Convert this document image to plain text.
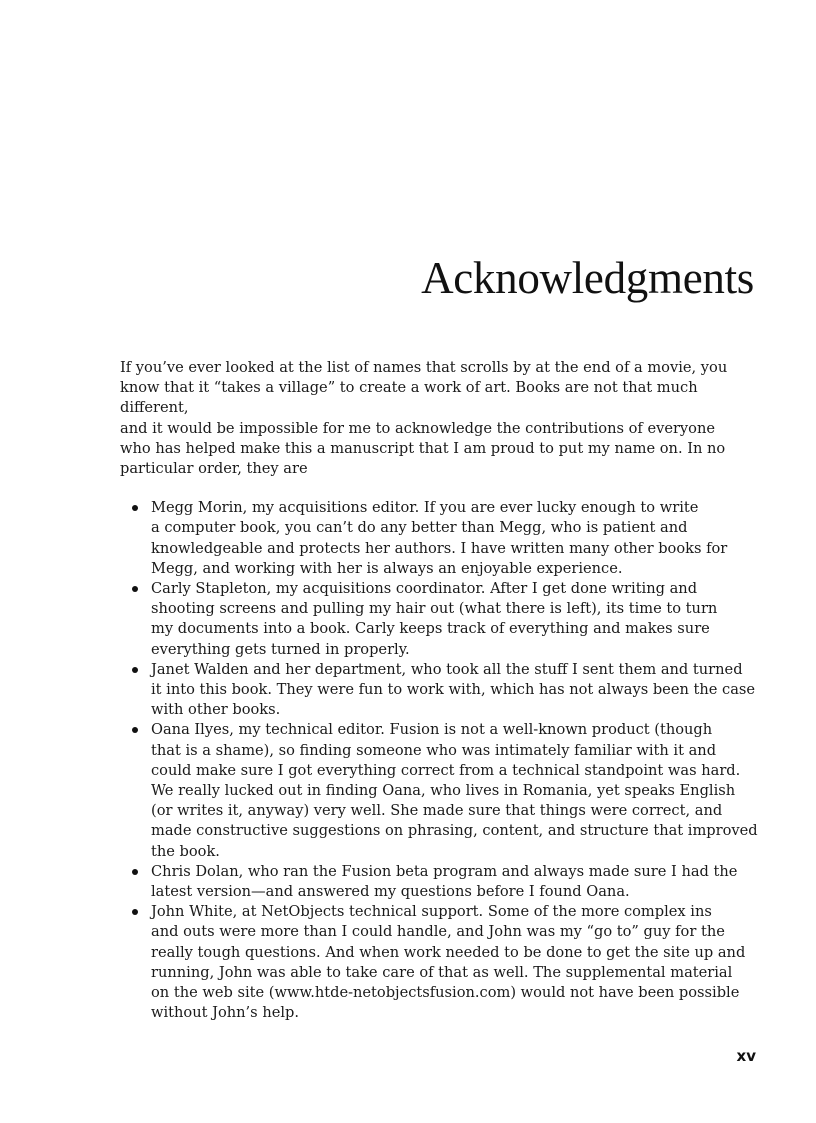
Acknowledgments

If you’ve ever looked at the list of names that scrolls by at the end of a movie, you
know that it “takes a village” to create a work of art. Books are not that much different,
and it would be impossible for me to acknowledge the contributions of everyone
who has helped make this a manuscript that I am proud to put my name on. In no
particular order, they are

Megg Morin, my acquisitions editor. If you are ever lucky enough to write
a computer book, you can’t do any better than Megg, who is patient and
knowledgeable and protects her authors. I have written many other books for
Megg, and working with her is always an enjoyable experience.
Carly Stapleton, my acquisitions coordinator. After I get done writing and
shooting screens and pulling my hair out (what there is left), its time to turn
my documents into a book. Carly keeps track of everything and makes sure
everything gets turned in properly.
Janet Walden and her department, who took all the stuff I sent them and turned
it into this book. They were fun to work with, which has not always been the case
with other books.
Oana Ilyes, my technical editor. Fusion is not a well-known product (though
that is a shame), so finding someone who was intimately familiar with it and
could make sure I got everything correct from a technical standpoint was hard.
We really lucked out in finding Oana, who lives in Romania, yet speaks English
(or writes it, anyway) very well. She made sure that things were correct, and
made constructive suggestions on phrasing, content, and structure that improved
the book.
Chris Dolan, who ran the Fusion beta program and always made sure I had the
latest version—and answered my questions before I found Oana.
John White, at NetObjects technical support. Some of the more complex ins
and outs were more than I could handle, and John was my “go to” guy for the
really tough questions. And when work needed to be done to get the site up and
running, John was able to take care of that as well. The supplemental material
on the web site (www.htde-netobjectsfusion.com) would not have been possible
without John’s help.

xv
